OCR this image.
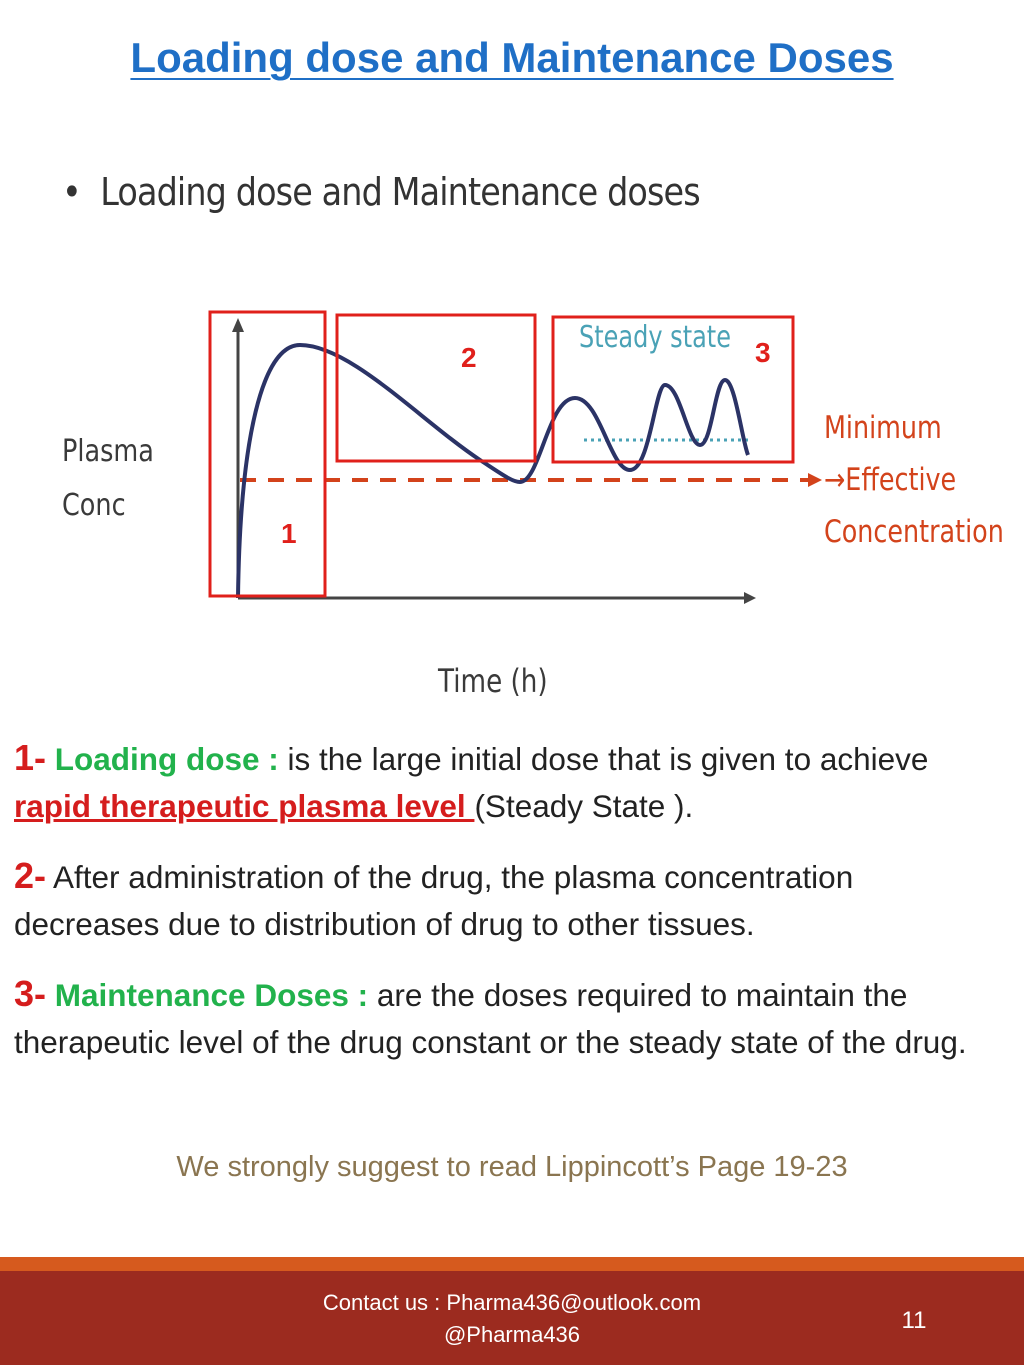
Loading dose and Maintenance Doses
• Loading dose and Maintenance doses
Plasma
Conc
Time (h)
Steady state
Minimum
→Effective
Concentration
1
2	3

1- Loading dose : is the large initial dose that is given to achieve rapid therapeutic plasma level (Steady State ).

2- After administration of the drug, the plasma concentration decreases due to distribution of drug to other tissues.

3- Maintenance Doses : are the doses required to maintain the therapeutic level of the drug constant or the steady state of the drug.

We strongly suggest to read Lippincott’s Page 19-23
Contact us : Pharma436@outlook.com
@Pharma436
11
